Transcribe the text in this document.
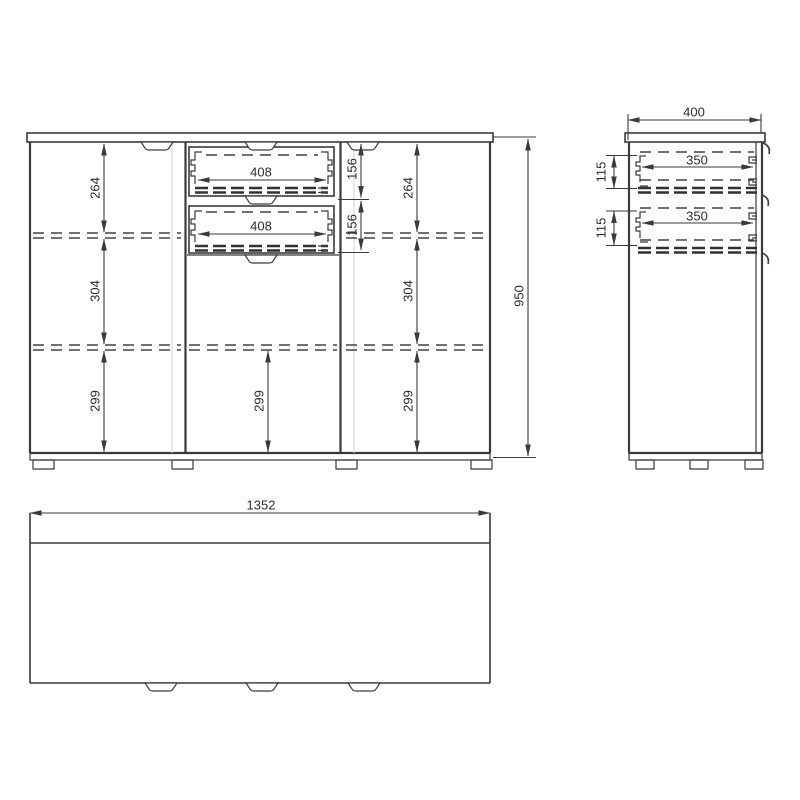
264
304
299
264
304
299
299
408
408
156
156
950
400
350
350
115
115
1352
